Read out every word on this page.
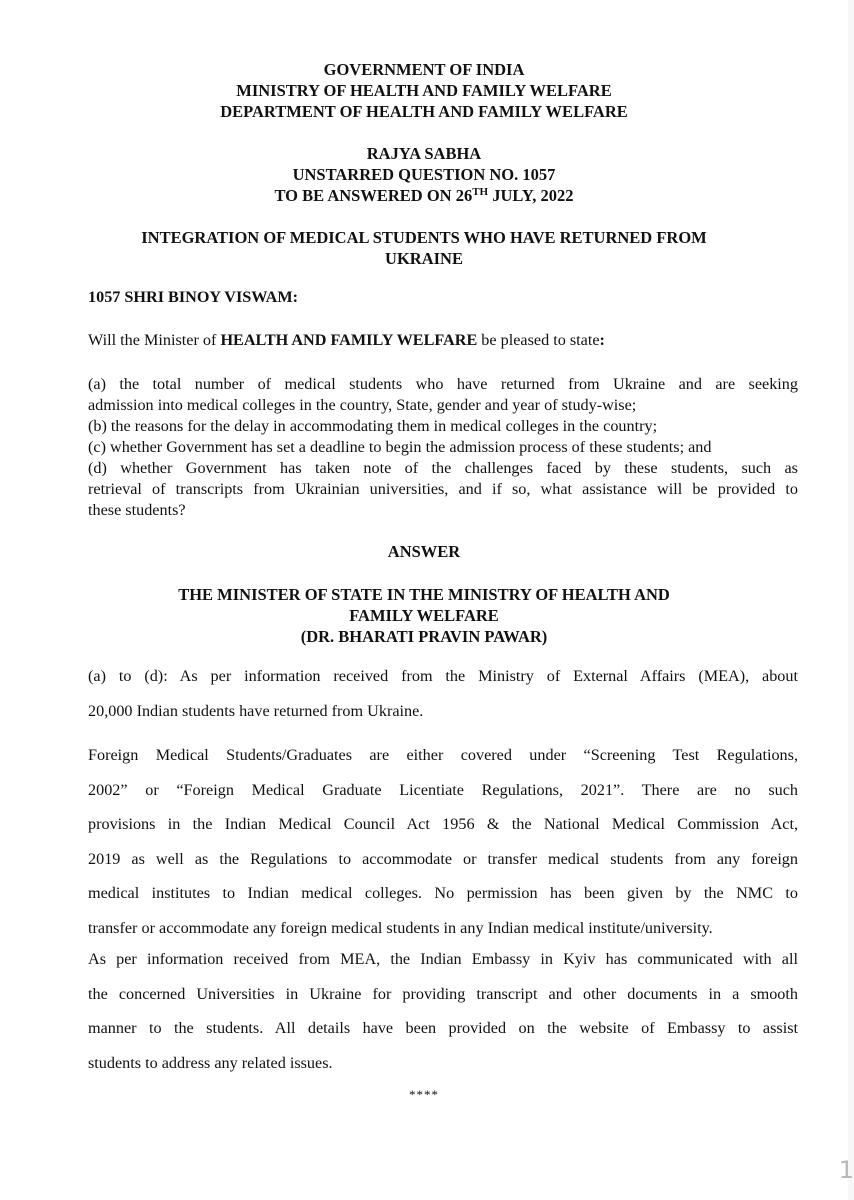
GOVERNMENT OF INDIA
MINISTRY OF HEALTH AND FAMILY WELFARE
DEPARTMENT OF HEALTH AND FAMILY WELFARE
RAJYA SABHA
UNSTARRED QUESTION NO. 1057
TO BE ANSWERED ON 26TH JULY, 2022
INTEGRATION OF MEDICAL STUDENTS WHO HAVE RETURNED FROM
UKRAINE
1057 SHRI BINOY VISWAM:
Will the Minister of HEALTH AND FAMILY WELFARE be pleased to state:
(a) the total number of medical students who have returned from Ukraine and are seeking
admission into medical colleges in the country, State, gender and year of study-wise;
(b) the reasons for the delay in accommodating them in medical colleges in the country;
(c) whether Government has set a deadline to begin the admission process of these students; and
(d) whether Government has taken note of the challenges faced by these students, such as
retrieval of transcripts from Ukrainian universities, and if so, what assistance will be provided to
these students?
ANSWER
THE MINISTER OF STATE IN THE MINISTRY OF HEALTH AND
FAMILY WELFARE
(DR. BHARATI PRAVIN PAWAR)
(a) to (d): As per information received from the Ministry of External Affairs (MEA), about
20,000 Indian students have returned from Ukraine.
Foreign Medical Students/Graduates are either covered under “Screening Test Regulations,
2002” or “Foreign Medical Graduate Licentiate Regulations, 2021”. There are no such
provisions in the Indian Medical Council Act 1956 & the National Medical Commission Act,
2019 as well as the Regulations to accommodate or transfer medical students from any foreign
medical institutes to Indian medical colleges. No permission has been given by the NMC to
transfer or accommodate any foreign medical students in any Indian medical institute/university.
As per information received from MEA, the Indian Embassy in Kyiv has communicated with all
the concerned Universities in Ukraine for providing transcript and other documents in a smooth
manner to the students. All details have been provided on the website of Embassy to assist
students to address any related issues.
****
1
